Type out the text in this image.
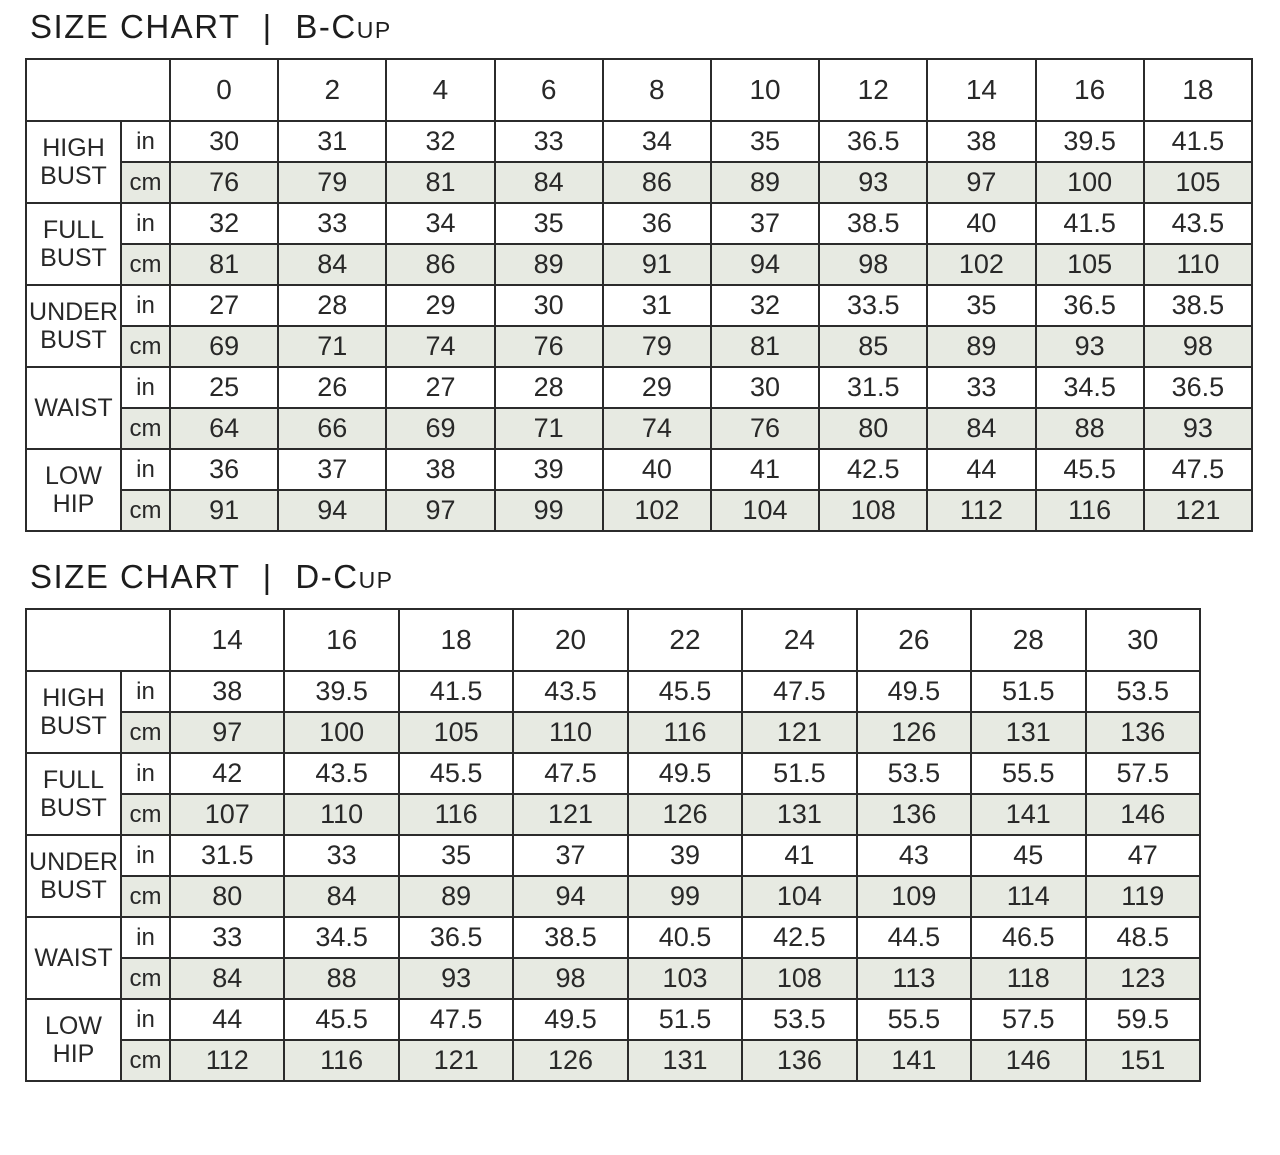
SIZE CHART | B-Cup
		0	2	4	6	8	10	12	14	16	18

HIGH
BUST	in	30	31	32	33	34	35	36.5	38	39.5	41.5
	cm	76	79	81	84	86	89	93	97	100	105

FULL
BUST	in	32	33	34	35	36	37	38.5	40	41.5	43.5
	cm	81	84	86	89	91	94	98	102	105	110

UNDER
BUST	in	27	28	29	30	31	32	33.5	35	36.5	38.5
	cm	69	71	74	76	79	81	85	89	93	98

WAIST	in	25	26	27	28	29	30	31.5	33	34.5	36.5
	cm	64	66	69	71	74	76	80	84	88	93

LOW
HIP	in	36	37	38	39	40	41	42.5	44	45.5	47.5
	cm	91	94	97	99	102	104	108	112	116	121
SIZE CHART | D-Cup
		14	16	18	20	22	24	26	28	30

HIGH
BUST	in	38	39.5	41.5	43.5	45.5	47.5	49.5	51.5	53.5
	cm	97	100	105	110	116	121	126	131	136

FULL
BUST	in	42	43.5	45.5	47.5	49.5	51.5	53.5	55.5	57.5
	cm	107	110	116	121	126	131	136	141	146

UNDER
BUST	in	31.5	33	35	37	39	41	43	45	47
	cm	80	84	89	94	99	104	109	114	119

WAIST	in	33	34.5	36.5	38.5	40.5	42.5	44.5	46.5	48.5
	cm	84	88	93	98	103	108	113	118	123

LOW
HIP	in	44	45.5	47.5	49.5	51.5	53.5	55.5	57.5	59.5
	cm	112	116	121	126	131	136	141	146	151
